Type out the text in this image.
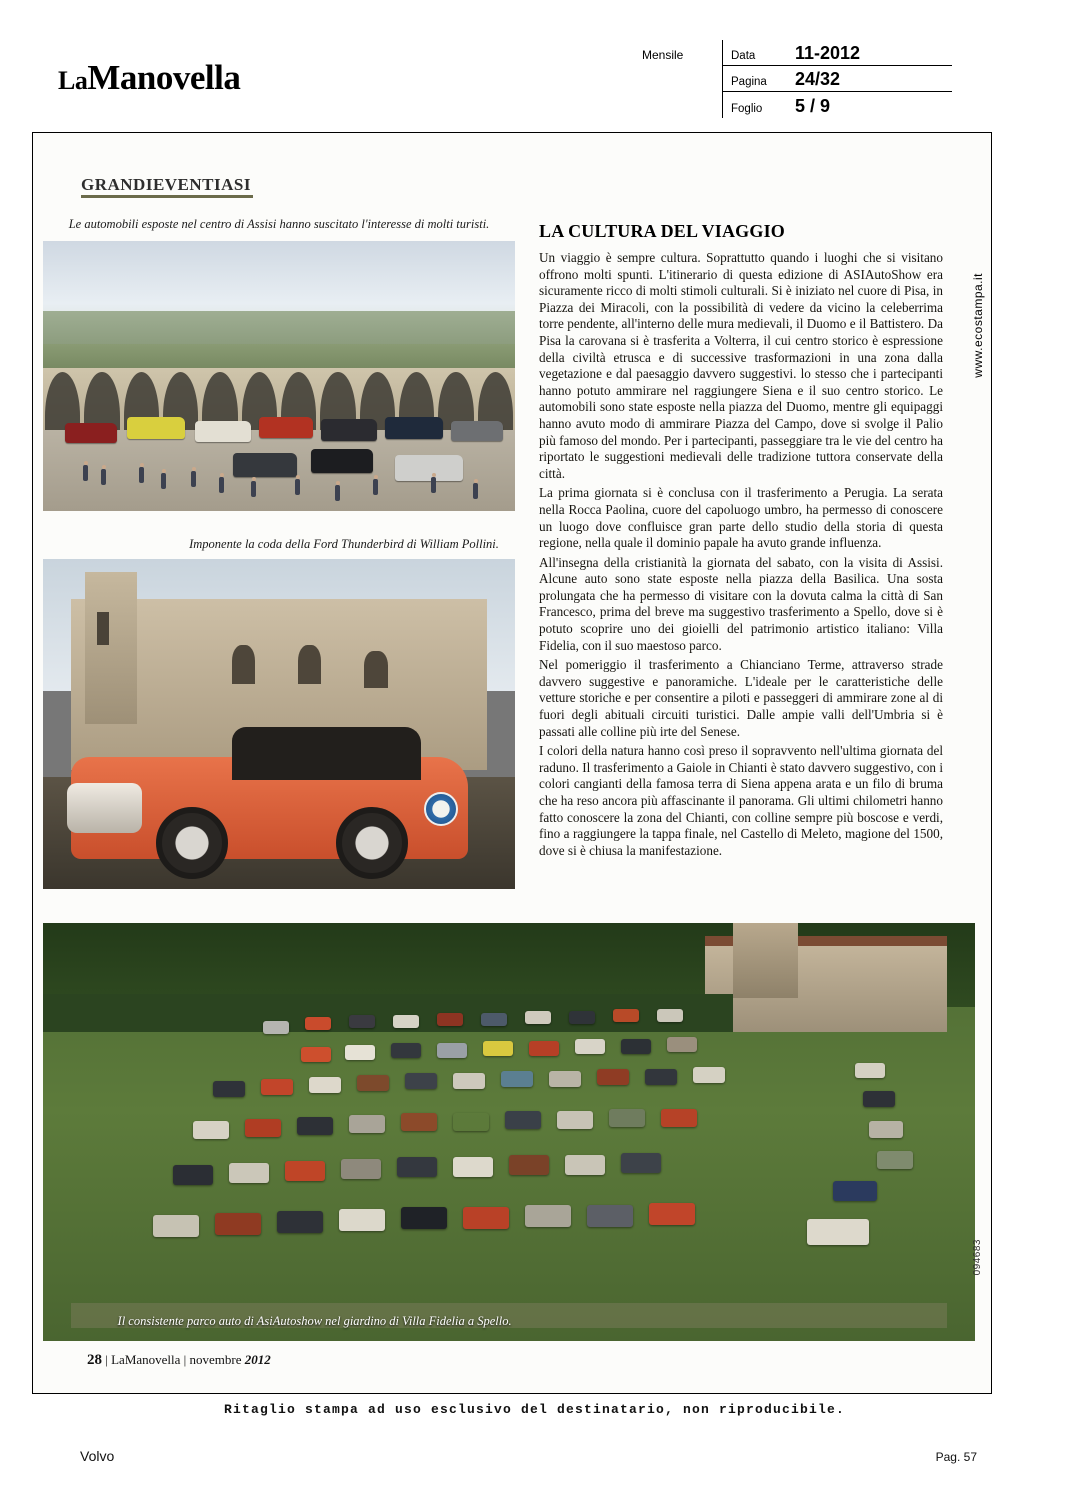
LaManovella
Mensile	Data	11-2012
Pagina	24/32
Foglio	5 / 9
GRANDIEVENTIASI
Le automobili esposte nel centro di Assisi hanno suscitato l'interesse di molti turisti.
Imponente la coda della Ford Thunderbird di William Pollini.
Il consistente parco auto di AsiAutoshow nel giardino di Villa Fidelia a Spello.
LA CULTURA DEL VIAGGIO

Un viaggio è sempre cultura. Soprattutto quando i luoghi che si visitano offrono molti spunti. L'itinerario di questa edizione di ASIAutoShow era sicuramente ricco di molti stimoli culturali. Si è iniziato nel cuore di Pisa, in Piazza dei Miracoli, con la possibilità di vedere da vicino la celeberrima torre pendente, all'interno delle mura medievali, il Duomo e il Battistero. Da Pisa la carovana si è trasferita a Volterra, il cui centro storico è espressione della civiltà etrusca e di successive trasformazioni in una zona dalla vegetazione e dal paesaggio davvero suggestivi. lo stesso che i partecipanti hanno potuto ammirare nel raggiungere Siena e il suo centro storico. Le automobili sono state esposte nella piazza del Duomo, mentre gli equipaggi hanno avuto modo di ammirare Piazza del Campo, dove si svolge il Palio più famoso del mondo. Per i partecipanti, passeggiare tra le vie del centro ha riportato le suggestioni medievali delle tradizione tuttora conservate della città.

La prima giornata si è conclusa con il trasferimento a Perugia. La serata nella Rocca Paolina, cuore del capoluogo umbro, ha permesso di conoscere un luogo dove confluisce gran parte dello studio della storia di questa regione, nella quale il dominio papale ha avuto grande influenza.

All'insegna della cristianità la giornata del sabato, con la visita di Assisi. Alcune auto sono state esposte nella piazza della Basilica. Una sosta prolungata che ha permesso di visitare con la dovuta calma la città di San Francesco, prima del breve ma suggestivo trasferimento a Spello, dove si è potuto scoprire uno dei gioielli del patrimonio artistico italiano: Villa Fidelia, con il suo maestoso parco.

Nel pomeriggio il trasferimento a Chianciano Terme, attraverso strade davvero suggestive e panoramiche. L'ideale per le caratteristiche delle vetture storiche e per consentire a piloti e passeggeri di ammirare zone al di fuori degli abituali circuiti turistici. Dalle ampie valli dell'Umbria si è passati alle colline più irte del Senese.

I colori della natura hanno così preso il sopravvento nell'ultima giornata del raduno. Il trasferimento a Gaiole in Chianti è stato davvero suggestivo, con i colori cangianti della famosa terra di Siena appena arata e un filo di bruma che ha reso ancora più affascinante il panorama. Gli ultimi chilometri hanno fatto conoscere la zona del Chianti, con colline sempre più boscose e verdi, fino a raggiungere la tappa finale, nel Castello di Meleto, magione del 1500, dove si è chiusa la manifestazione.

28 | LaManovella | novembre 2012
www.ecostampa.it
094683
Ritaglio stampa ad uso esclusivo del destinatario, non riproducibile.
Volvo	Pag. 57
